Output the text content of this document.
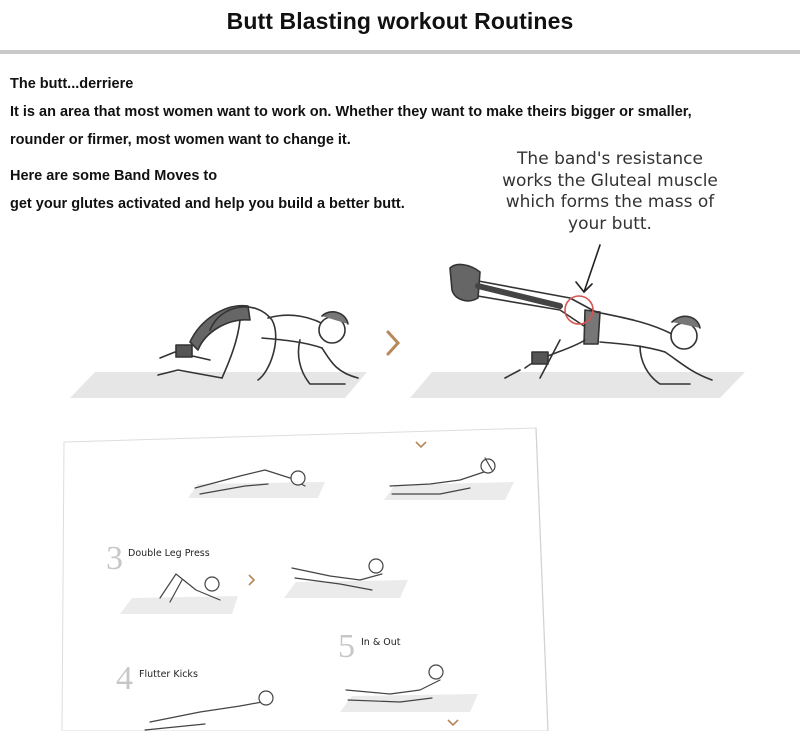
Butt Blasting workout Routines
The butt...derriere
It is an area that most women want to work on. Whether they want to make theirs bigger or smaller,
rounder or firmer, most women want to change it.
Here are some Band Moves to
get your glutes activated and help you build a better butt.
The band's resistance
works the Gluteal muscle
which forms the mass of
your butt.
3 Double Leg Press
4 Flutter Kicks
5 In & Out
